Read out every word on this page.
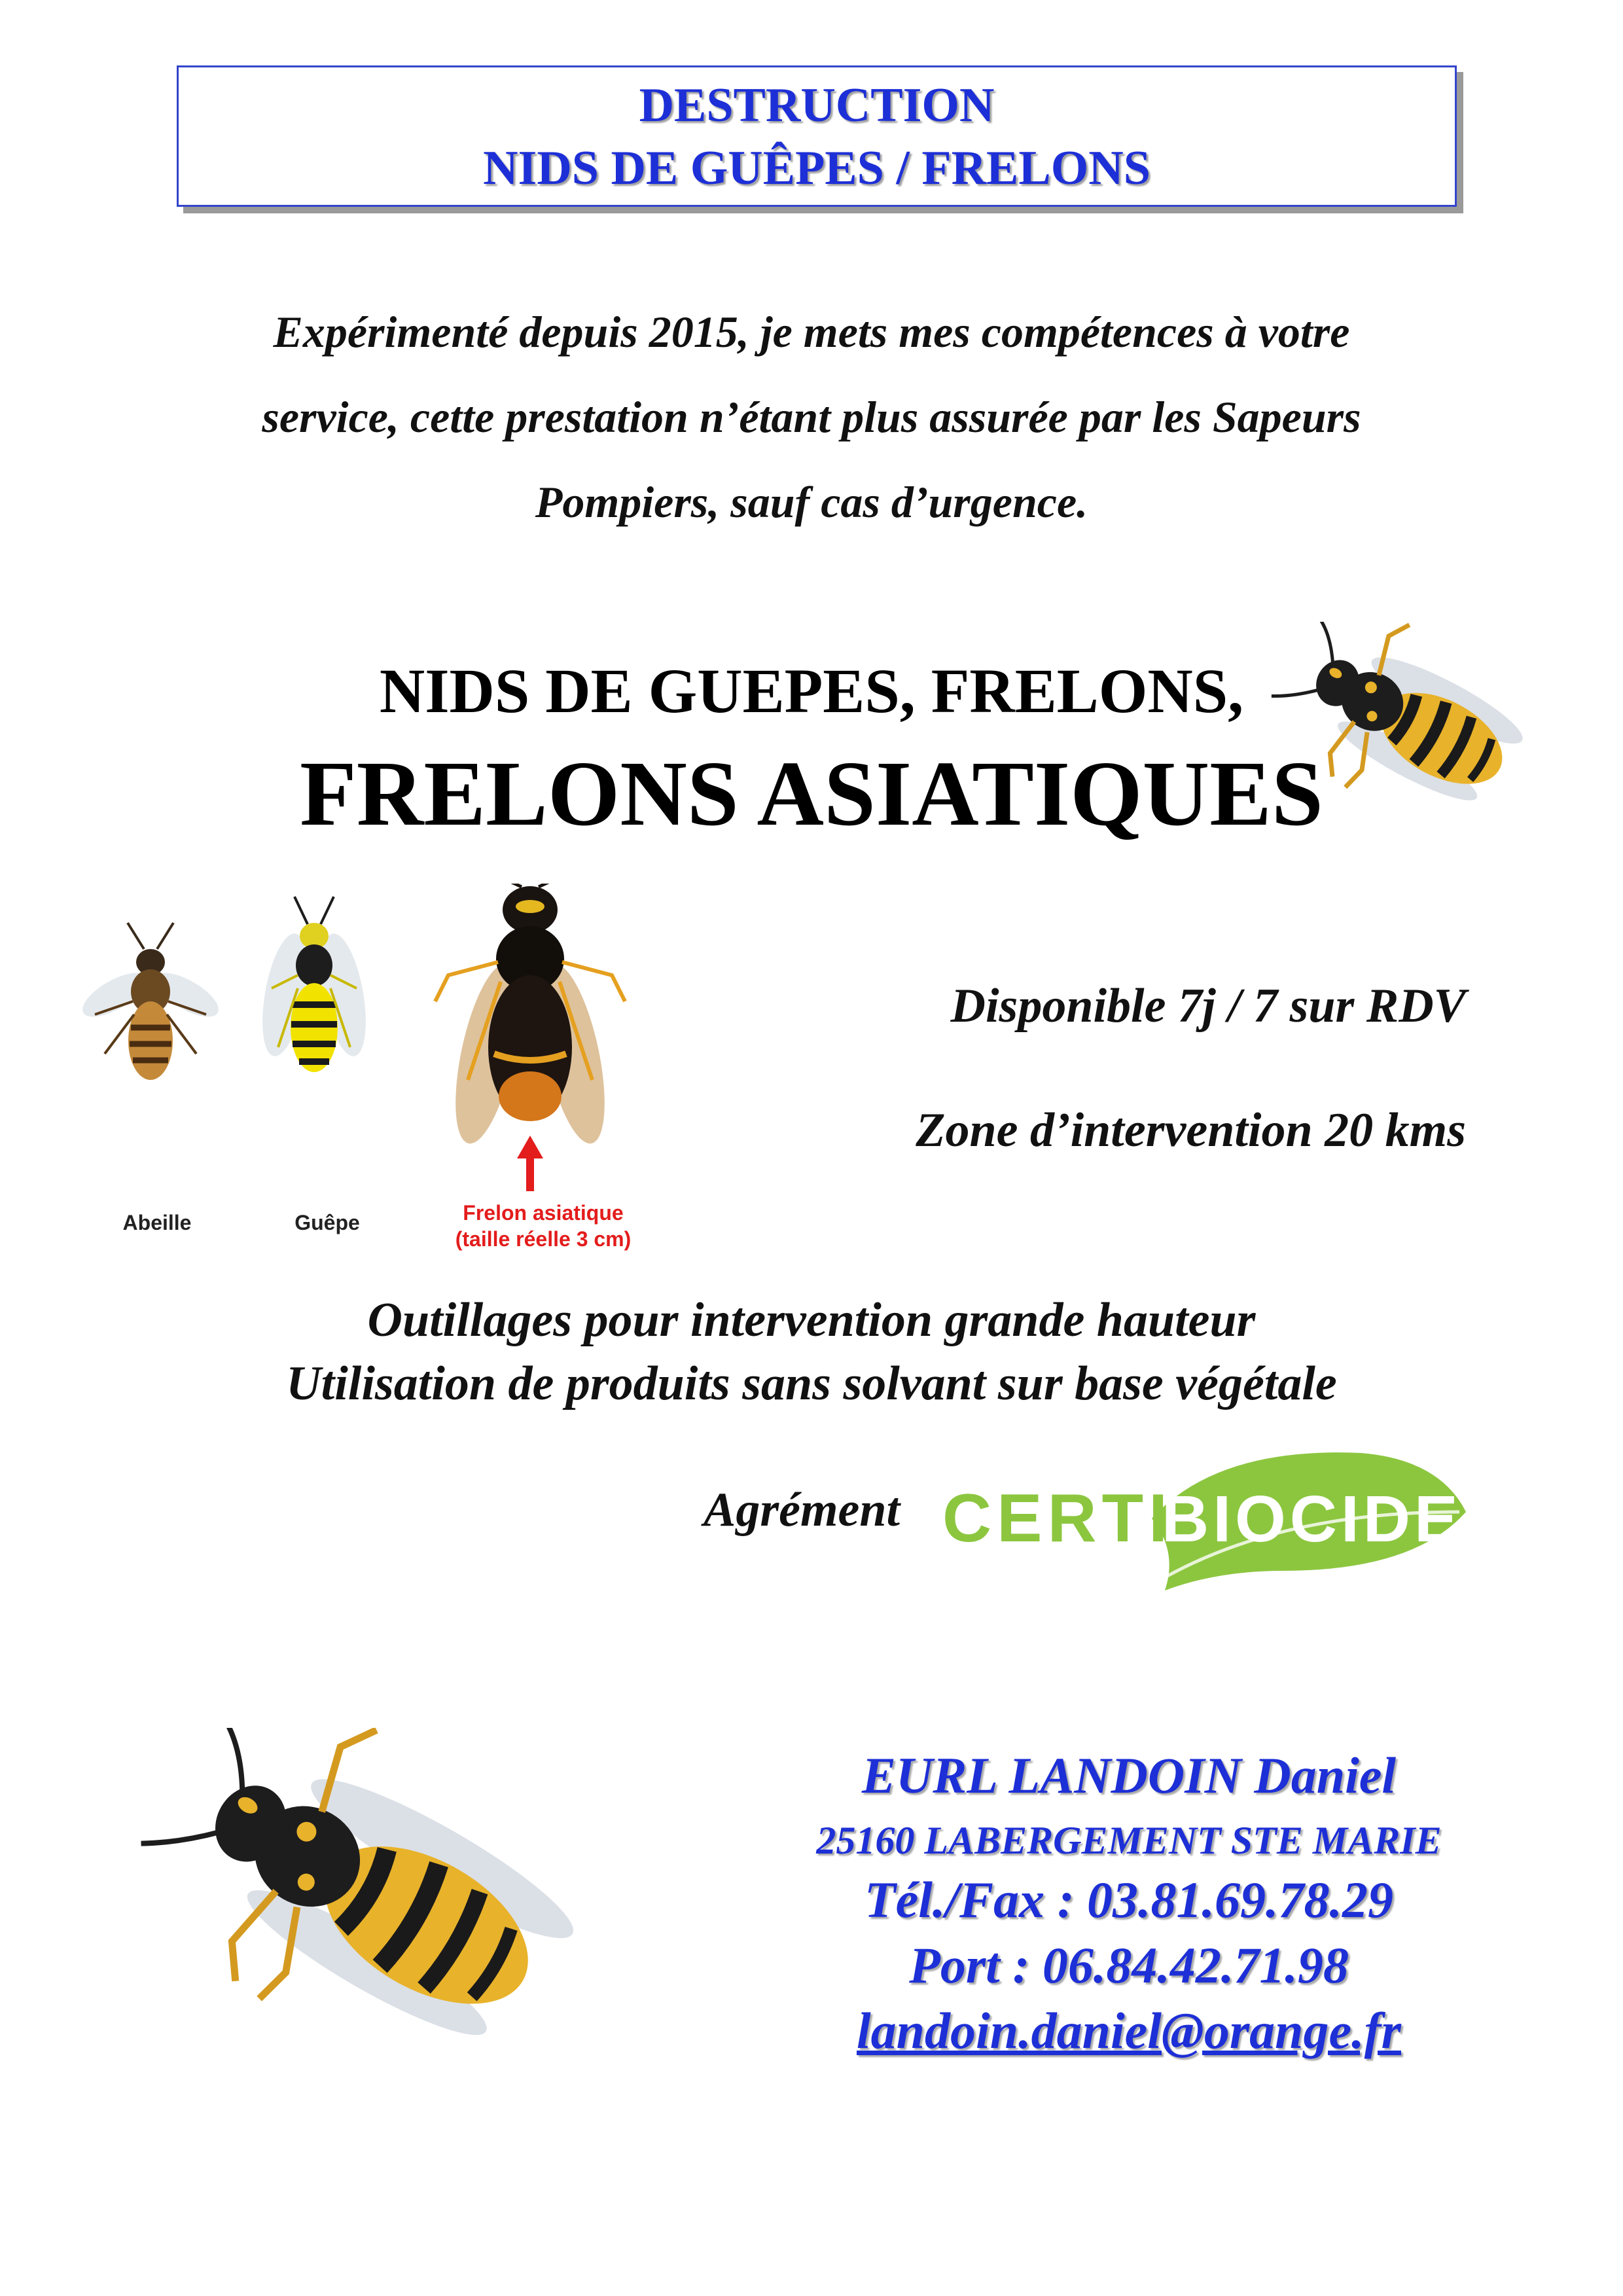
DESTRUCTION
NIDS DE GUÊPES / FRELONS
Expérimenté depuis 2015, je mets mes compétences à votre
service, cette prestation n’étant plus assurée par les Sapeurs
Pompiers, sauf cas d’urgence.
NIDS DE GUEPES, FRELONS,
FRELONS ASIATIQUES
Abeille	Guêpe	Frelon asiatique
(taille réelle 3 cm)
Disponible 7j / 7 sur RDV
Zone d’intervention 20 kms
Outillages pour intervention grande hauteur
Utilisation de produits sans solvant sur base végétale
Agrément CERTI
BIOCIDE
EURL LANDOIN Daniel
25160 LABERGEMENT STE MARIE
Tél./Fax : 03.81.69.78.29
Port : 06.84.42.71.98
landoin.daniel@orange.fr
